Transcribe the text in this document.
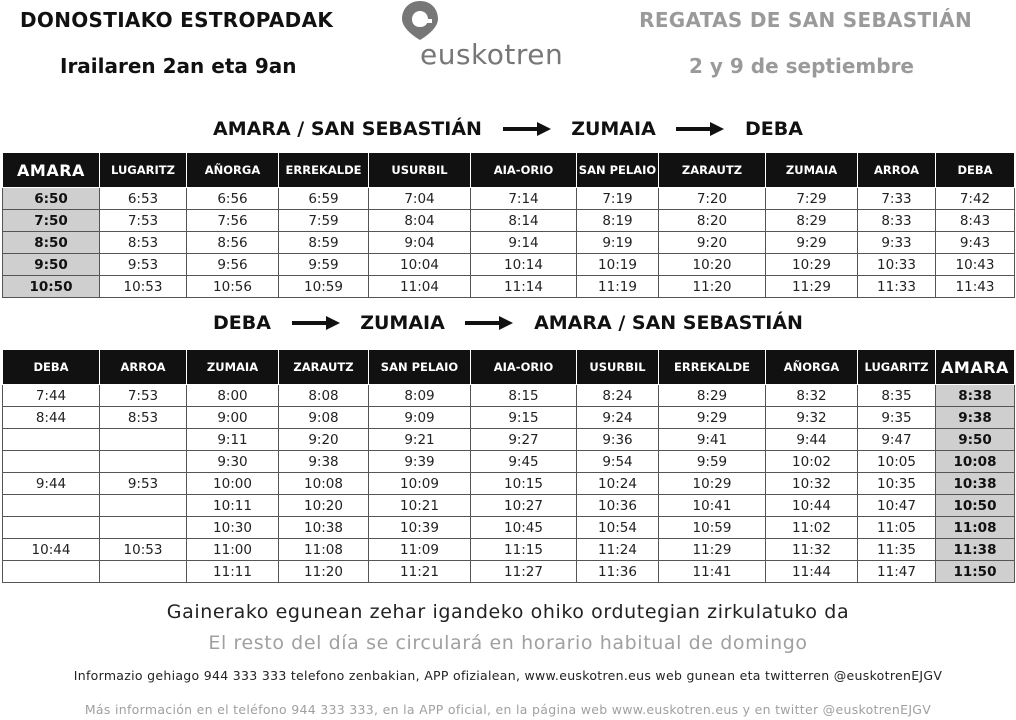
DONOSTIAKO ESTROPADAK
Irailaren 2an eta 9an	euskotren
REGATAS DE SAN SEBASTIÁN
2 y 9 de septiembre
AMARA / SAN SEBASTIÁN	ZUMAIA	DEBA
AMARA	LUGARITZ	AÑORGA	ERREKALDE	USURBIL	AIA-ORIO	SAN PELAIO	ZARAUTZ	ZUMAIA	ARROA	DEBA
6:50	6:53	6:56	6:59	7:04	7:14	7:19	7:20	7:29	7:33	7:42
7:50	7:53	7:56	7:59	8:04	8:14	8:19	8:20	8:29	8:33	8:43
8:50	8:53	8:56	8:59	9:04	9:14	9:19	9:20	9:29	9:33	9:43
9:50	9:53	9:56	9:59	10:04	10:14	10:19	10:20	10:29	10:33	10:43
10:50	10:53	10:56	10:59	11:04	11:14	11:19	11:20	11:29	11:33	11:43
DEBA	ZUMAIA	AMARA / SAN SEBASTIÁN
DEBA	ARROA	ZUMAIA	ZARAUTZ	SAN PELAIO	AIA-ORIO	USURBIL	ERREKALDE	AÑORGA	LUGARITZ	AMARA
7:44	7:53	8:00	8:08	8:09	8:15	8:24	8:29	8:32	8:35	8:38
8:44	8:53	9:00	9:08	9:09	9:15	9:24	9:29	9:32	9:35	9:38
		9:11	9:20	9:21	9:27	9:36	9:41	9:44	9:47	9:50
		9:30	9:38	9:39	9:45	9:54	9:59	10:02	10:05	10:08
9:44	9:53	10:00	10:08	10:09	10:15	10:24	10:29	10:32	10:35	10:38
		10:11	10:20	10:21	10:27	10:36	10:41	10:44	10:47	10:50
		10:30	10:38	10:39	10:45	10:54	10:59	11:02	11:05	11:08
10:44	10:53	11:00	11:08	11:09	11:15	11:24	11:29	11:32	11:35	11:38
		11:11	11:20	11:21	11:27	11:36	11:41	11:44	11:47	11:50
Gainerako egunean zehar igandeko ohiko ordutegian zirkulatuko da
El resto del día se circulará en horario habitual de domingo
Informazio gehiago 944 333 333 telefono zenbakian, APP ofizialean, www.euskotren.eus web gunean eta twitterren @euskotrenEJGV
Más información en el teléfono 944 333 333, en la APP oficial, en la página web www.euskotren.eus y en twitter @euskotrenEJGV
